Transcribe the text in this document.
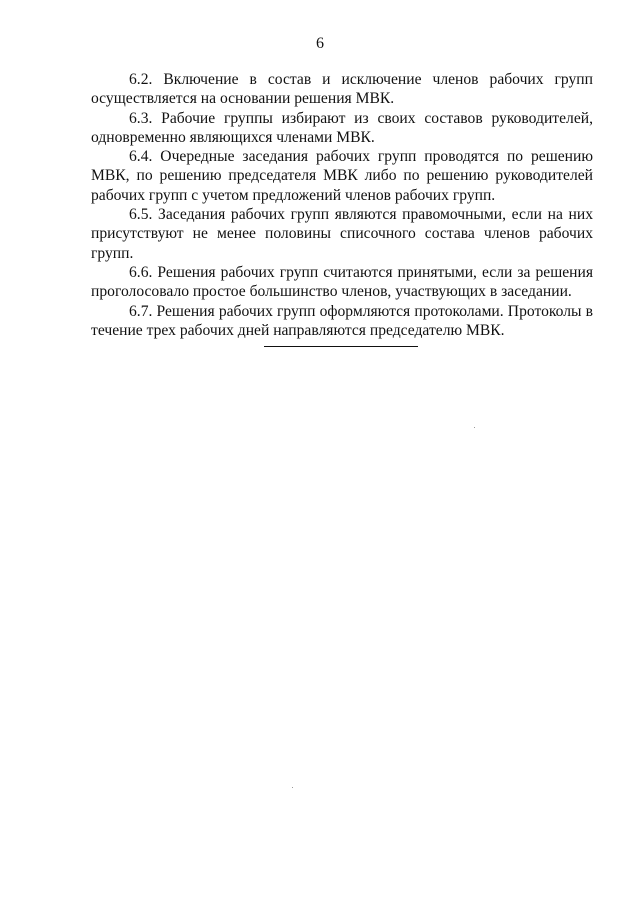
6

6.2. Включение в состав и исключение членов рабочих групп осуществляется на основании решения МВК.

6.3. Рабочие группы избирают из своих составов руководителей, одновременно являющихся членами МВК.

6.4. Очередные заседания рабочих групп проводятся по решению МВК, по решению председателя МВК либо по решению руководителей рабочих групп с учетом предложений членов рабочих групп.

6.5. Заседания рабочих групп являются правомочными, если на них присутствуют не менее половины списочного состава членов рабочих групп.

6.6. Решения рабочих групп считаются принятыми, если за решения проголосовало простое большинство членов, участвующих в заседании.

6.7. Решения рабочих групп оформляются протоколами. Протоколы в течение трех рабочих дней направляются председателю МВК.
